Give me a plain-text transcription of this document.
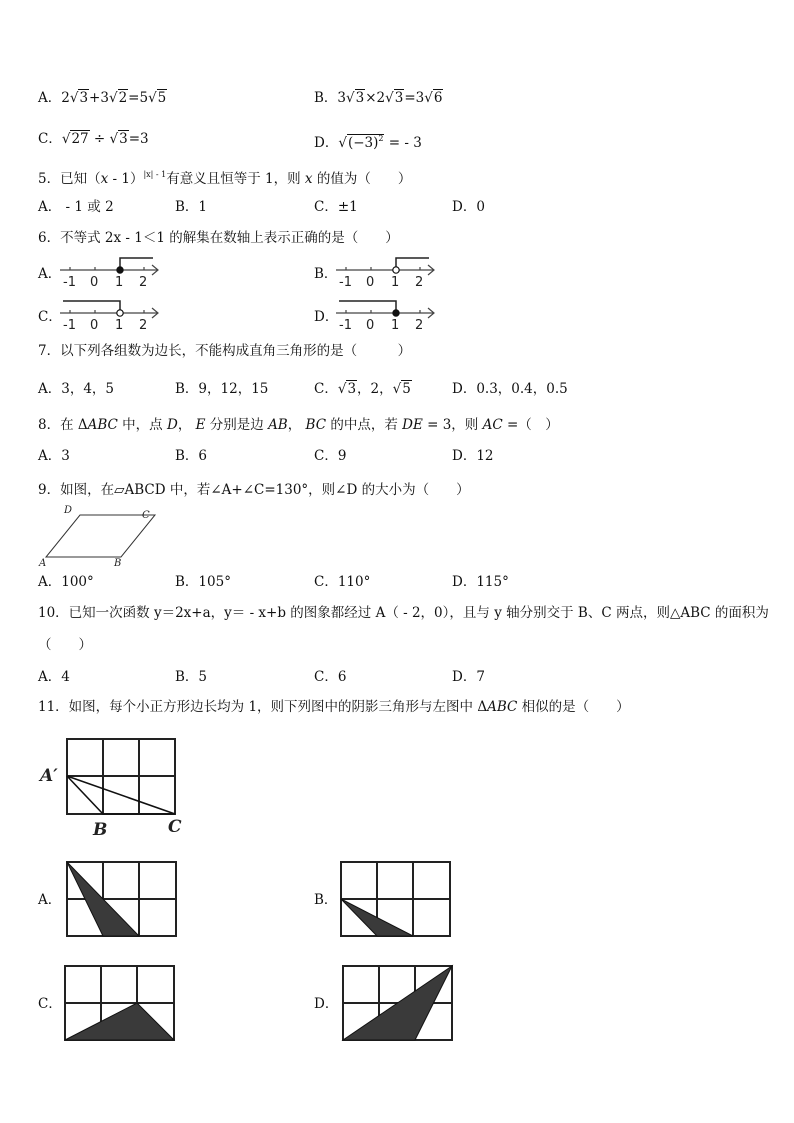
A．2√3+3√2=5√5	B．3√3×2√3=3√6
C．√27 ÷ √3=3	D．$√(-3)^2$ = - 3
5．已知（x - 1）$^{|x| - 1}$有意义且恒等于 1，则 x 的值为（　　）
A． - 1 或 2	B．1	C．±1	D．0
6．不等式 2x - 1＜1 的解集在数轴上表示正确的是（　　）
A．
-1 0 1 2
B．
-1 0 1 2
C．
-1 0 1 2
D．
-1 0 1 2
7．以下列各组数为边长，不能构成直角三角形的是（　　　）
A．3，4，5	B．9，12，15	C．√3，2，√5	D．0.3，0.4，0.5
8．在 ΔABC 中，点 D， E 分别是边 AB， BC 的中点，若 DE = 3，则 AC =（　）
A．3	B．6	C．9	D．12
9．如图，在▱ABCD 中，若∠A+∠C=130°，则∠D 的大小为（　　）
A	B
C
D
A．100°	B．105°	C．110°	D．115°
10．已知一次函数 y＝2x+a，y＝ - x+b 的图象都经过 A（ - 2，0），且与 y 轴分别交于 B、C 两点，则△ABC 的面积为
（　　）
A．4	B．5	C．6	D．7
11．如图，每个小正方形边长均为 1，则下列图中的阴影三角形与左图中 ΔABC 相似的是（　　）
A′
B	C
A．	B．
C．	D．
